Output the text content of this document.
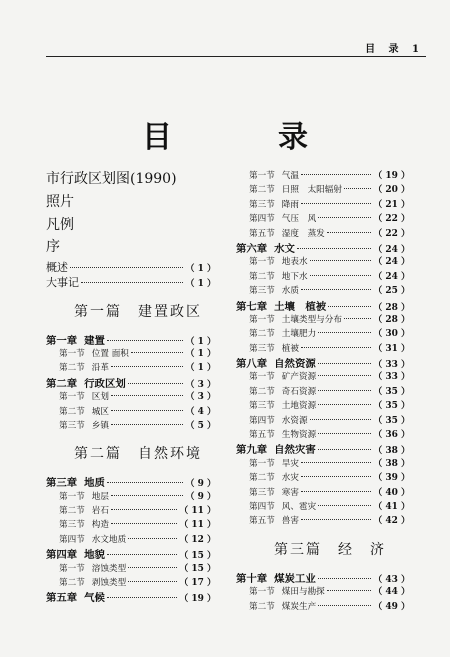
目 录 1
目　录
市行政区划图(1990)
照片
凡例
序
概述	（ 1 ）
大事记	（ 1 ）
第一篇　建置政区
第一章 建置	（ 1 ）
第一节 位置 面积	（ 1 ）
第二节 沿革	（ 1 ）
第二章 行政区划	（ 3 ）
第一节 区划	（ 3 ）
第二节 城区	（ 4 ）
第三节 乡镇	（ 5 ）
第二篇　自然环境
第三章 地质	（ 9 ）
第一节 地层	（ 9 ）
第二节 岩石	（ 11 ）
第三节 构造	（ 11 ）
第四节 水文地质	（ 12 ）
第四章 地貌	（ 15 ）
第一节 溶蚀类型	（ 15 ）
第二节 剥蚀类型	（ 17 ）
第五章 气候	（ 19 ）
第一节 气温	（ 19 ）
第二节 日照　太阳辐射	（ 20 ）
第三节 降雨	（ 21 ）
第四节 气压　风	（ 22 ）
第五节 湿度　蒸发	（ 22 ）
第六章 水文	（ 24 ）
第一节 地表水	（ 24 ）
第二节 地下水	（ 24 ）
第三节 水质	（ 25 ）
第七章 土壤　植被	（ 28 ）
第一节 土壤类型与分布	（ 28 ）
第二节 土壤肥力	（ 30 ）
第三节 植被	（ 31 ）
第八章 自然资源	（ 33 ）
第一节 矿产资源	（ 33 ）
第二节 奇石资源	（ 35 ）
第三节 土地资源	（ 35 ）
第四节 水资源	（ 35 ）
第五节 生物资源	（ 36 ）
第九章 自然灾害	（ 38 ）
第一节 旱灾	（ 38 ）
第二节 水灾	（ 39 ）
第三节 寒害	（ 40 ）
第四节 风、雹灾	（ 41 ）
第五节 兽害	（ 42 ）
第三篇　经　济
第十章 煤炭工业	（ 43 ）
第一节 煤田与勘探	（ 44 ）
第二节 煤炭生产	（ 49 ）
